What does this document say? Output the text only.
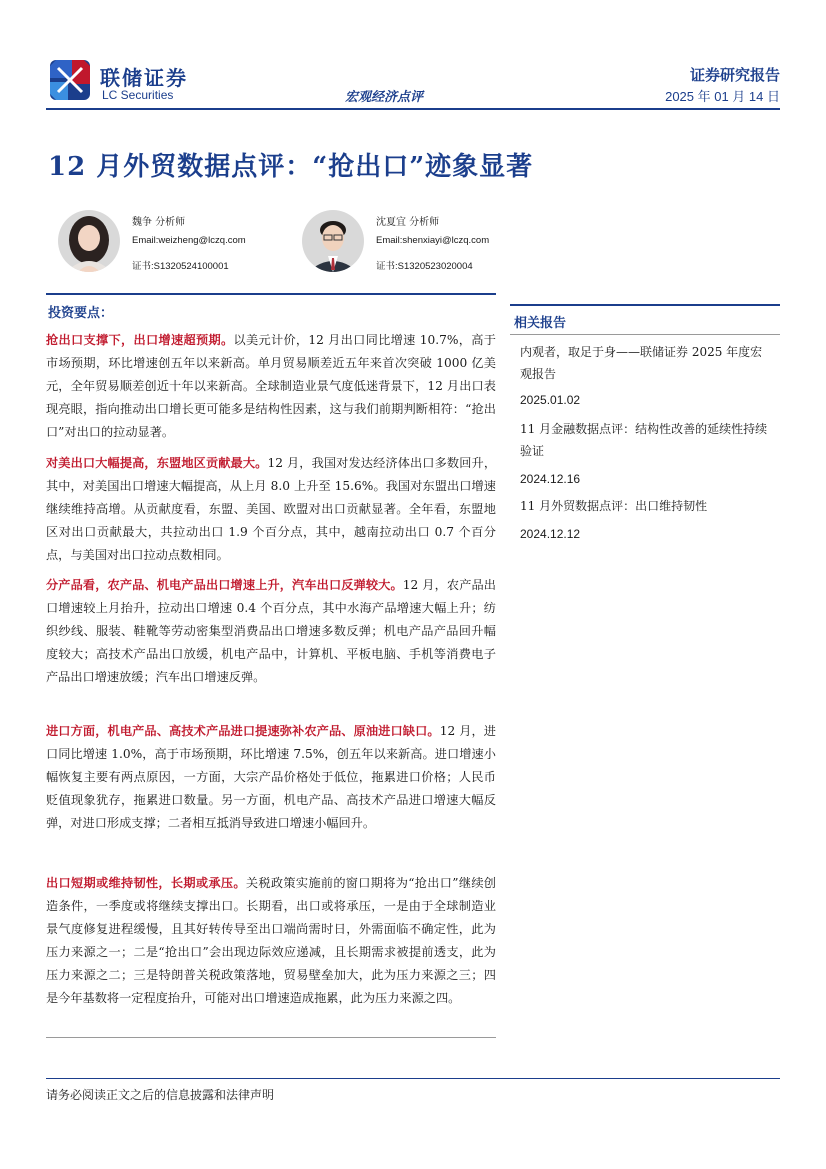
联储证券
LC Securities
证券研究报告
宏观经济点评	2025 年 01 月 14 日
12 月外贸数据点评：“抢出口”迹象显著
魏争 分析师
Email:weizheng@lczq.com
证书:S1320524100001
沈夏宜 分析师
Email:shenxiayi@lczq.com
证书:S1320523020004
投资要点：
抢出口支撑下，出口增速超预期。以美元计价，12 月出口同比增速 10.7%，高于市场预期，环比增速创五年以来新高。单月贸易顺差近五年来首次突破 1000 亿美元，全年贸易顺差创近十年以来新高。全球制造业景气度低迷背景下，12 月出口表现亮眼，指向推动出口增长更可能多是结构性因素，这与我们前期判断相符：“抢出口”对出口的拉动显著。
对美出口大幅提高，东盟地区贡献最大。12 月，我国对发达经济体出口多数回升，其中，对美国出口增速大幅提高，从上月 8.0 上升至 15.6%。我国对东盟出口增速继续维持高增。从贡献度看，东盟、美国、欧盟对出口贡献显著。全年看，东盟地区对出口贡献最大，共拉动出口 1.9 个百分点，其中，越南拉动出口 0.7 个百分点，与美国对出口拉动点数相同。
分产品看，农产品、机电产品出口增速上升，汽车出口反弹较大。12 月，农产品出口增速较上月抬升，拉动出口增速 0.4 个百分点，其中水海产品增速大幅上升；纺织纱线、服装、鞋靴等劳动密集型消费品出口增速多数反弹；机电产品产品回升幅度较大；高技术产品出口放缓，机电产品中，计算机、平板电脑、手机等消费电子产品出口增速放缓；汽车出口增速反弹。
进口方面，机电产品、高技术产品进口提速弥补农产品、原油进口缺口。12 月，进口同比增速 1.0%，高于市场预期，环比增速 7.5%，创五年以来新高。进口增速小幅恢复主要有两点原因，一方面，大宗产品价格处于低位，拖累进口价格；人民币贬值现象犹存，拖累进口数量。另一方面，机电产品、高技术产品进口增速大幅反弹，对进口形成支撑；二者相互抵消导致进口增速小幅回升。
出口短期或维持韧性，长期或承压。关税政策实施前的窗口期将为“抢出口”继续创造条件，一季度或将继续支撑出口。长期看，出口或将承压，一是由于全球制造业景气度修复进程缓慢，且其好转传导至出口端尚需时日，外需面临不确定性，此为压力来源之一；二是“抢出口”会出现边际效应递减，且长期需求被提前透支，此为压力来源之二；三是特朗普关税政策落地，贸易壁垒加大，此为压力来源之三；四是今年基数将一定程度抬升，可能对出口增速造成拖累，此为压力来源之四。
相关报告
内观者，取足于身——联储证券 2025 年度宏观报告
2025.01.02
11 月金融数据点评：结构性改善的延续性持续验证
2024.12.16
11 月外贸数据点评：出口维持韧性
2024.12.12
请务必阅读正文之后的信息披露和法律声明
